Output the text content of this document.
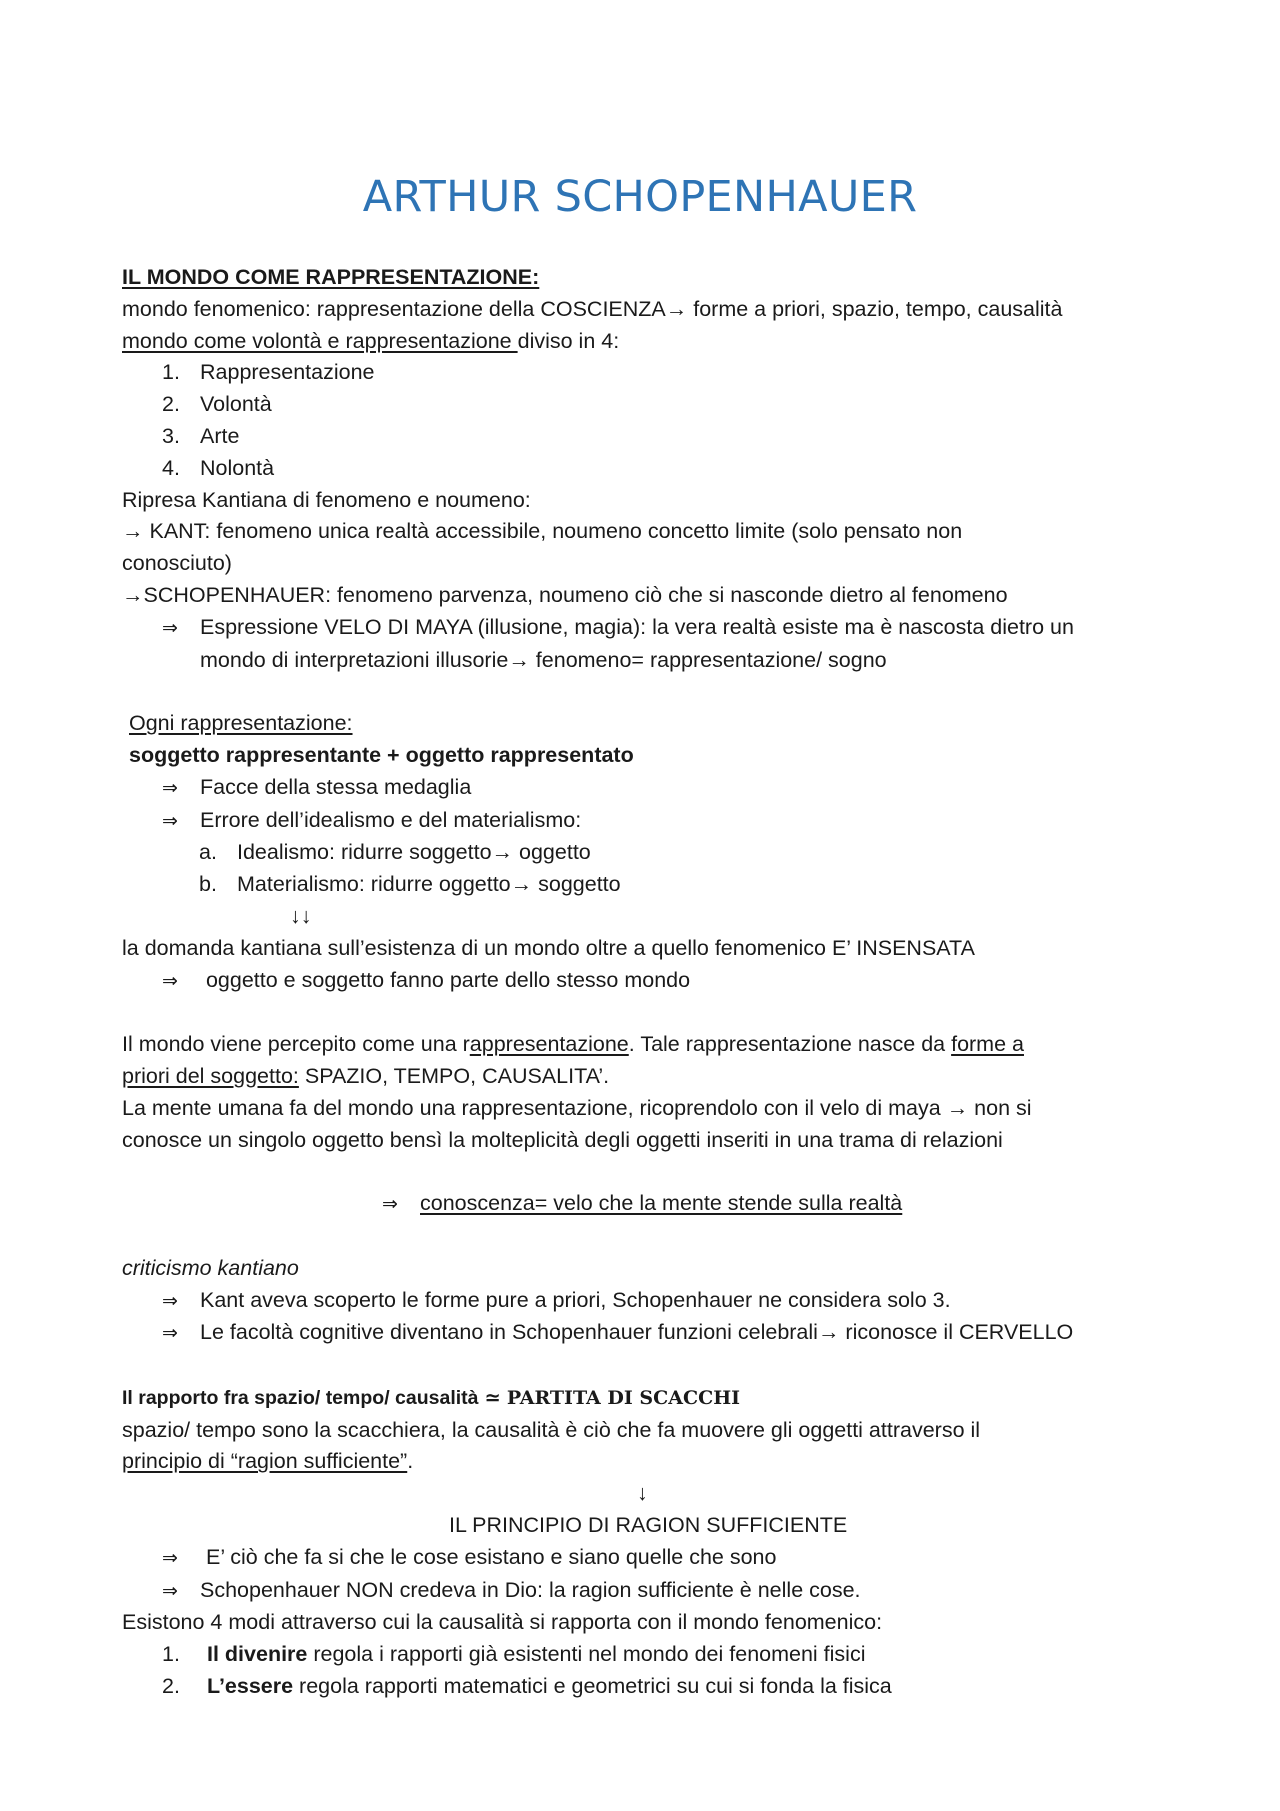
ARTHUR SCHOPENHAUER
IL MONDO COME RAPPRESENTAZIONE:
mondo fenomenico: rappresentazione della COSCIENZA→ forme a priori, spazio, tempo, causalità
mondo come volontà e rappresentazione diviso in 4:
1. Rappresentazione
2. Volontà
3. Arte
4. Nolontà
Ripresa Kantiana di fenomeno e noumeno:
→ KANT: fenomeno unica realtà accessibile, noumeno concetto limite (solo pensato non
conosciuto)
→SCHOPENHAUER: fenomeno parvenza, noumeno ciò che si nasconde dietro al fenomeno
⇒ Espressione VELO DI MAYA (illusione, magia): la vera realtà esiste ma è nascosta dietro un
mondo di interpretazioni illusorie→ fenomeno= rappresentazione/ sogno
Ogni rappresentazione:
soggetto rappresentante + oggetto rappresentato
⇒ Facce della stessa medaglia
⇒ Errore dell’idealismo e del materialismo:
a. Idealismo: ridurre soggetto→ oggetto
b. Materialismo: ridurre oggetto→ soggetto
↓↓
la domanda kantiana sull’esistenza di un mondo oltre a quello fenomenico E’ INSENSATA
⇒ oggetto e soggetto fanno parte dello stesso mondo
Il mondo viene percepito come una rappresentazione. Tale rappresentazione nasce da forme a
priori del soggetto: SPAZIO, TEMPO, CAUSALITA’.
La mente umana fa del mondo una rappresentazione, ricoprendolo con il velo di maya → non si
conosce un singolo oggetto bensì la molteplicità degli oggetti inseriti in una trama di relazioni
⇒ conoscenza= velo che la mente stende sulla realtà
criticismo kantiano
⇒ Kant aveva scoperto le forme pure a priori, Schopenhauer ne considera solo 3.
⇒ Le facoltà cognitive diventano in Schopenhauer funzioni celebrali→ riconosce il CERVELLO
Il rapporto fra spazio/ tempo/ causalità ≃ PARTITA DI SCACCHI
spazio/ tempo sono la scacchiera, la causalità è ciò che fa muovere gli oggetti attraverso il
principio di “ragion sufficiente”.
↓
IL PRINCIPIO DI RAGION SUFFICIENTE
⇒ E’ ciò che fa si che le cose esistano e siano quelle che sono
⇒ Schopenhauer NON credeva in Dio: la ragion sufficiente è nelle cose.
Esistono 4 modi attraverso cui la causalità si rapporta con il mondo fenomenico:
1. Il divenire regola i rapporti già esistenti nel mondo dei fenomeni fisici
2. L’essere regola rapporti matematici e geometrici su cui si fonda la fisica
